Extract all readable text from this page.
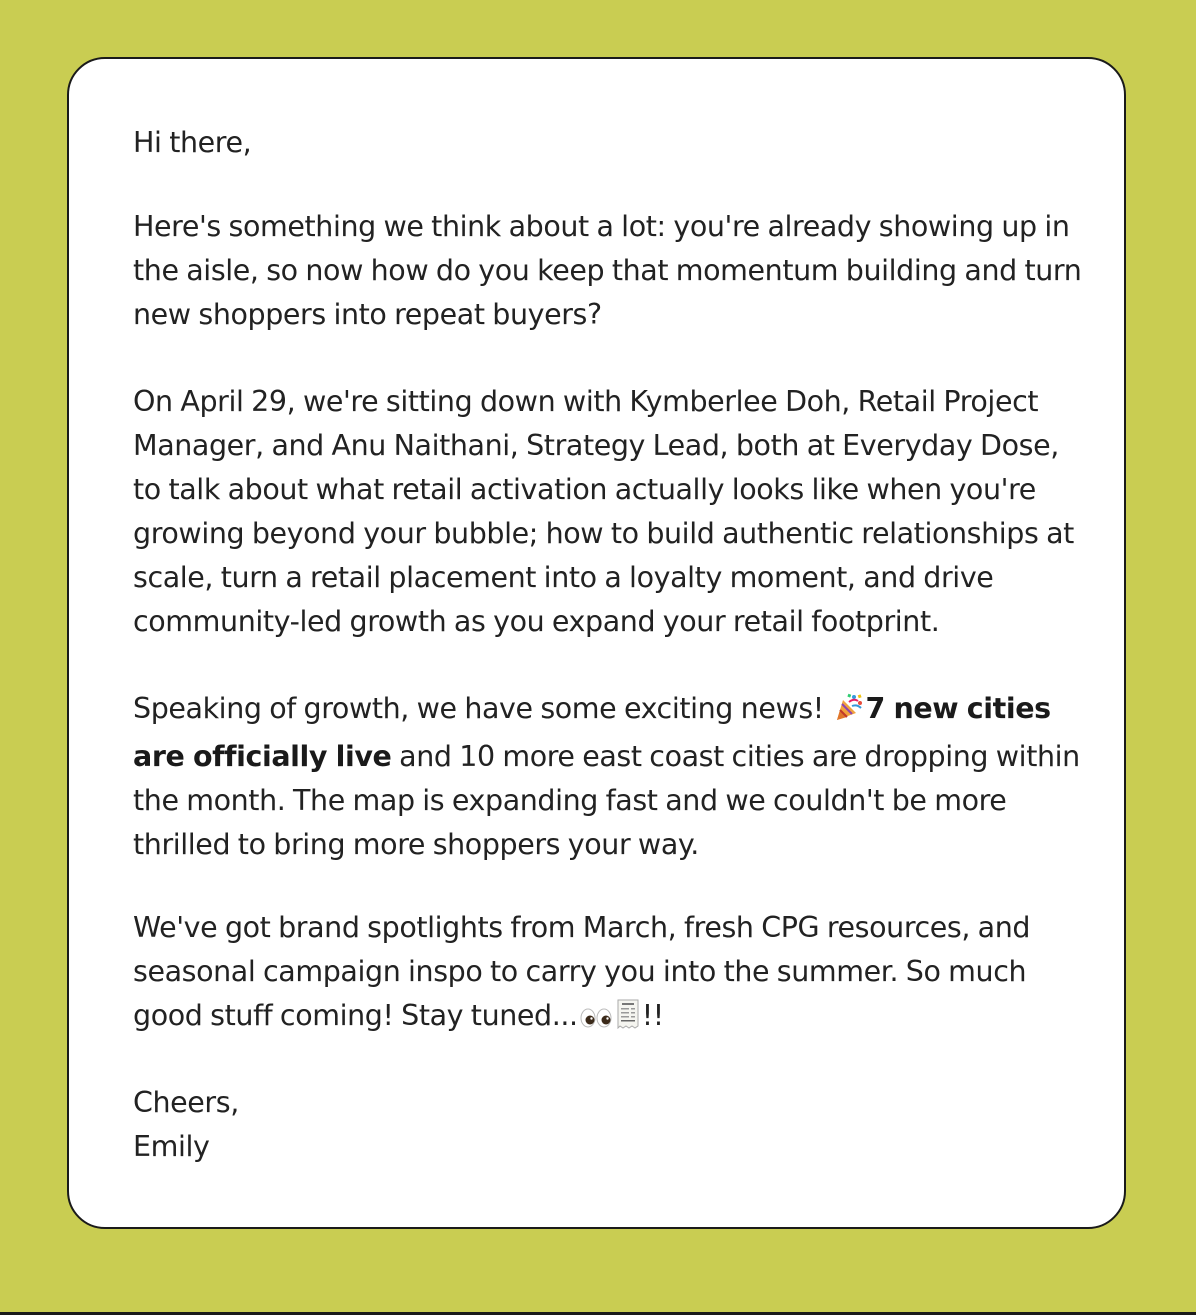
Hi there,

Here's something we think about a lot: you're already showing up in the aisle, so now how do you keep that momentum building and turn new shoppers into repeat buyers?

On April 29, we're sitting down with Kymberlee Doh, Retail Project Manager, and Anu Naithani, Strategy Lead, both at Everyday Dose, to talk about what retail activation actually looks like when you're growing beyond your bubble; how to build authentic relationships at scale, turn a retail placement into a loyalty moment, and drive community-led growth as you expand your retail footprint.

Speaking of growth, we have some exciting news! 7 new cities are officially live and 10 more east coast cities are dropping within the month. The map is expanding fast and we couldn't be more thrilled to bring more shoppers your way.

We've got brand spotlights from March, fresh CPG resources, and seasonal campaign inspo to carry you into the summer. So much good stuff coming! Stay tuned... !!

Cheers,
Emily
